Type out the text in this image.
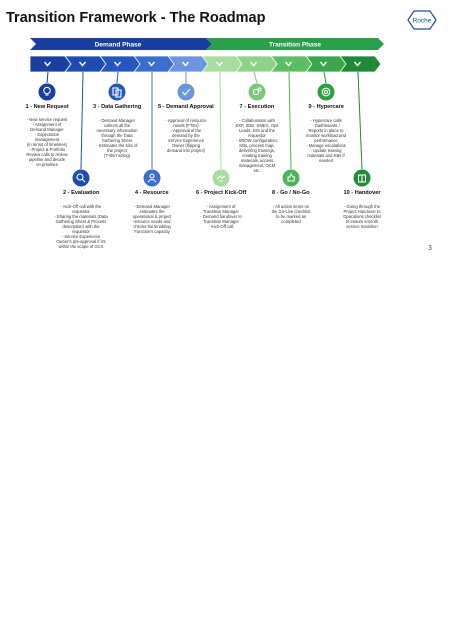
Transition Framework - The Roadmap	Roche
3
Demand Phase	Transition Phase
1 - New Request
- New service request
- Assignment of
Demand Manager
- Expectation
management
(in terms of timelines)
- Project & Portfolio
Review calls to review
pipeline and decide
on priorities
2 - Evaluation
- Kick-Off call with the
requestor
- Sharing the materials (Data
Gathering Sheet & Process
description) with the
requestor
- Service Experience
Owner's pre-approval if it's
within the scope of GCX
3 - Data Gathering
- Demand Manager
collects all the
necessary information
through the Data
Gathering Sheet
- Estimates the size of
the project
(T-shirt sizing)
4 - Resource
- Demand Manager
estimates the
operational & project
resource needs and
checks the Enabling
Function's capacity
5 - Demand Approval
- Approval of resource
needs (FTEs)
- Approval of the
demand by the
Service Experience
Owner (flipping
demand into project)
6 - Project Kick-Off
- Assignment of
Transition Manager
- Demand handover to
Transition Manager
- Kick-Off call
7 - Execution
- Collaboration with
EXP, SDE, SME's, Ops
Leads, GIS and the
requestor
- SNOW configuration,
KBs, process map,
delivering trainings,
creating training
materials, access
management, OCM
etc.
8 - Go / No-Go
- All action items on
the Go-Live checklist
to be marked as
completed
9 - Hypercare
- Hypercare calls
- Dashboards /
Reports in place to
monitor workload and
performance
- Manage escalations
- Update training
materials and KBs if
needed
10 - Handover
- Going through the
Project Handover to
Operations checklist
to ensure smooth
service transition
